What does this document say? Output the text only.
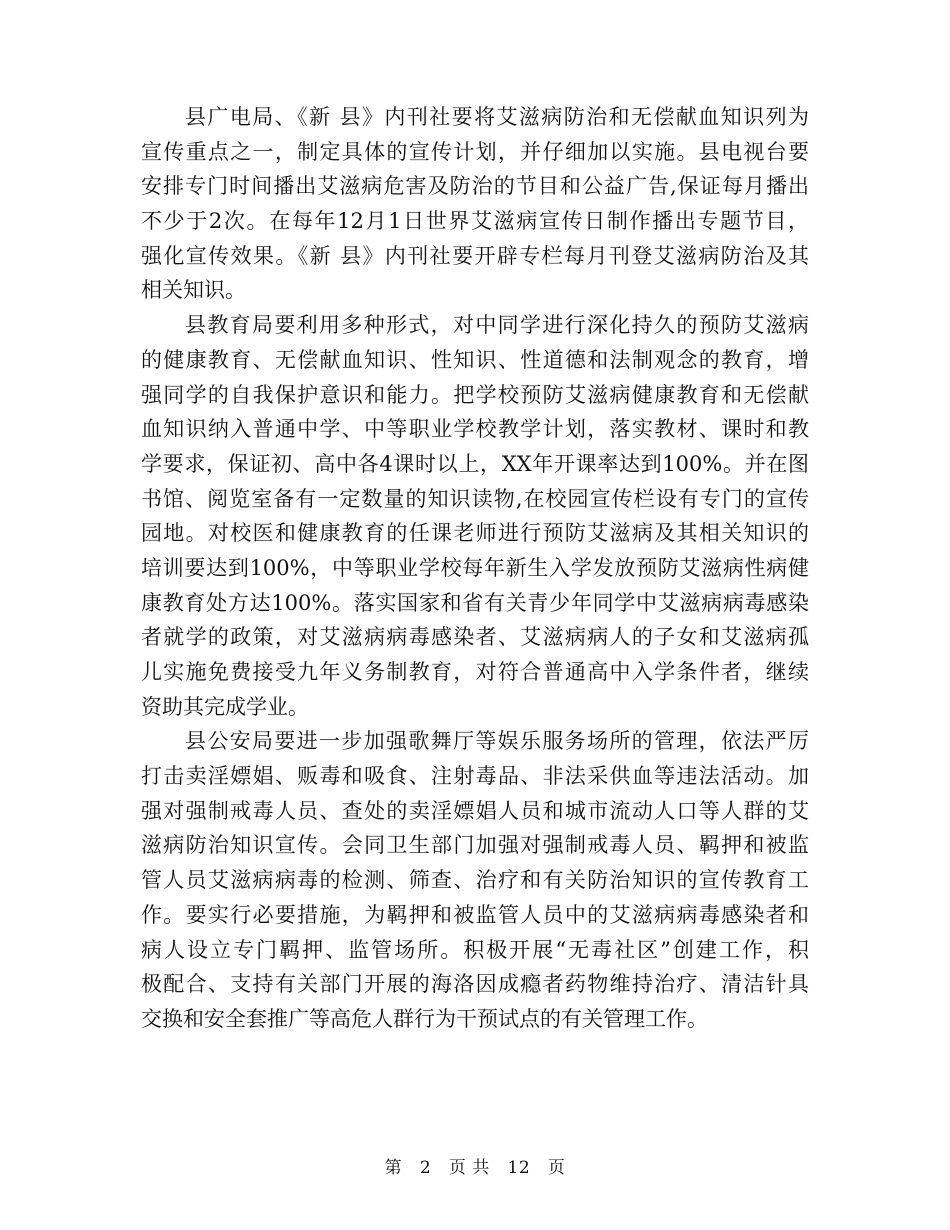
县广电局、《新 县》内刊社要将艾滋病防治和无偿献血知识列为
宣传重点之一，制定具体的宣传计划，并仔细加以实施。县电视台要
安排专门时间播出艾滋病危害及防治的节目和公益广告,保证每月播出
不少于2次。在每年12月1日世界艾滋病宣传日制作播出专题节目，
强化宣传效果。《新 县》内刊社要开辟专栏每月刊登艾滋病防治及其
相关知识。
县教育局要利用多种形式，对中同学进行深化持久的预防艾滋病
的健康教育、无偿献血知识、性知识、性道德和法制观念的教育，增
强同学的自我保护意识和能力。把学校预防艾滋病健康教育和无偿献
血知识纳入普通中学、中等职业学校教学计划，落实教材、课时和教
学要求，保证初、高中各4课时以上，XX年开课率达到100%。并在图
书馆、阅览室备有一定数量的知识读物,在校园宣传栏设有专门的宣传
园地。对校医和健康教育的任课老师进行预防艾滋病及其相关知识的
培训要达到100%，中等职业学校每年新生入学发放预防艾滋病性病健
康教育处方达100%。落实国家和省有关青少年同学中艾滋病病毒感染
者就学的政策，对艾滋病病毒感染者、艾滋病病人的子女和艾滋病孤
儿实施免费接受九年义务制教育，对符合普通高中入学条件者，继续
资助其完成学业。
县公安局要进一步加强歌舞厅等娱乐服务场所的管理，依法严厉
打击卖淫嫖娼、贩毒和吸食、注射毒品、非法采供血等违法活动。加
强对强制戒毒人员、查处的卖淫嫖娼人员和城市流动人口等人群的艾
滋病防治知识宣传。会同卫生部门加强对强制戒毒人员、羁押和被监
管人员艾滋病病毒的检测、筛查、治疗和有关防治知识的宣传教育工
作。要实行必要措施，为羁押和被监管人员中的艾滋病病毒感染者和
病人设立专门羁押、监管场所。积极开展“无毒社区”创建工作，积
极配合、支持有关部门开展的海洛因成瘾者药物维持治疗、清洁针具
交换和安全套推广等高危人群行为干预试点的有关管理工作。
第 2 页 共 12 页
